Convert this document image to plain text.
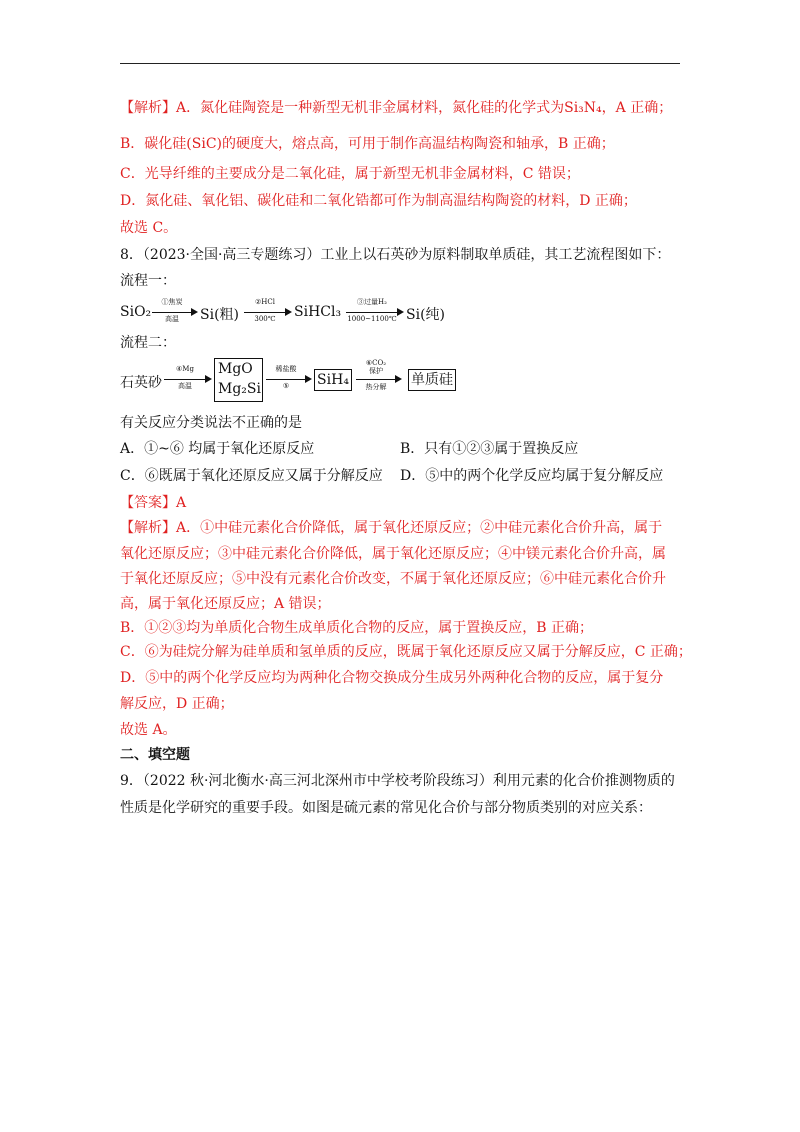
【解析】A．氮化硅陶瓷是一种新型无机非金属材料，氮化硅的化学式为Si₃N₄，A 正确；
B．碳化硅(SiC)的硬度大，熔点高，可用于制作高温结构陶瓷和轴承，B 正确；
C．光导纤维的主要成分是二氧化硅，属于新型无机非金属材料，C 错误；
D．氮化硅、氧化铝、碳化硅和二氧化锆都可作为制高温结构陶瓷的材料，D 正确；
故选 C。
8．（2023·全国·高三专题练习）工业上以石英砂为原料制取单质硅，其工艺流程图如下：
流程一：
SiO₂
①焦炭
高温	Si(粗)
②HCl
300℃	SiHCl₃
③过量H₂
1000~1100℃ Si(纯)
流程二：
石英砂
④Mg
高温
MgO
Mg₂Si
稀盐酸
⑤	SiH₄
⑥CO₂
保护
热分解	单质硅
有关反应分类说法不正确的是
A．①~⑥ 均属于氧化还原反应	B．只有①②③属于置换反应
C．⑥既属于氧化还原反应又属于分解反应 D．⑤中的两个化学反应均属于复分解反应
【答案】A
【解析】A．①中硅元素化合价降低，属于氧化还原反应；②中硅元素化合价升高，属于
氧化还原反应；③中硅元素化合价降低，属于氧化还原反应；④中镁元素化合价升高，属
于氧化还原反应；⑤中没有元素化合价改变，不属于氧化还原反应；⑥中硅元素化合价升
高，属于氧化还原反应；A 错误；
B．①②③均为单质化合物生成单质化合物的反应，属于置换反应，B 正确；
C．⑥为硅烷分解为硅单质和氢单质的反应，既属于氧化还原反应又属于分解反应，C 正确；
D．⑤中的两个化学反应均为两种化合物交换成分生成另外两种化合物的反应，属于复分
解反应，D 正确；
故选 A。
二、填空题
9．（2022 秋·河北衡水·高三河北深州市中学校考阶段练习）利用元素的化合价推测物质的
性质是化学研究的重要手段。如图是硫元素的常见化合价与部分物质类别的对应关系：
